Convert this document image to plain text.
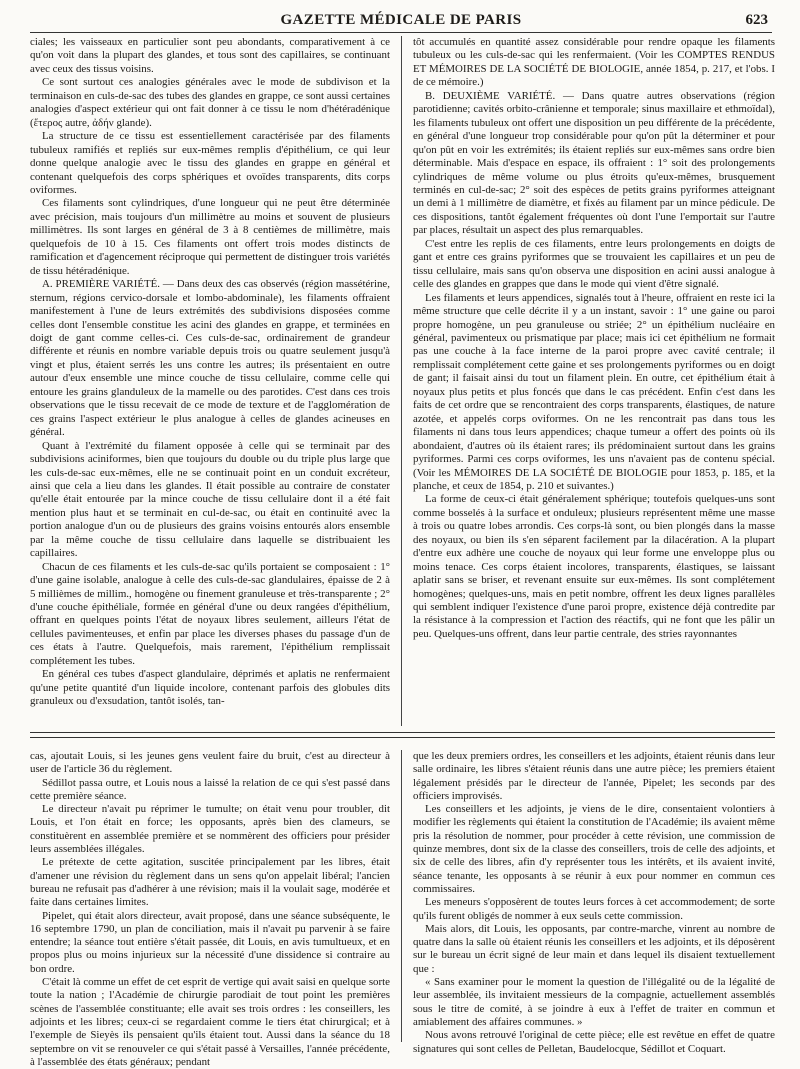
GAZETTE MÉDICALE DE PARIS	623

ciales; les vaisseaux en particulier sont peu abondants, comparativement à ce qu'on voit dans la plupart des glandes, et tous sont des capillaires, se continuant avec ceux des tissus voisins.

Ce sont surtout ces analogies générales avec le mode de subdivison et la terminaison en culs-de-sac des tubes des glandes en grappe, ce sont aussi certaines analogies d'aspect extérieur qui ont fait donner à ce tissu le nom d'hétéradénique (ἕτερος autre, ἀδήν glande).

La structure de ce tissu est essentiellement caractérisée par des filaments tubuleux ramifiés et repliés sur eux-mêmes remplis d'épithélium, ce qui leur donne quelque analogie avec le tissu des glandes en grappe en général et contenant quelquefois des corps sphériques et ovoïdes transparents, dits corps oviformes.

Ces filaments sont cylindriques, d'une longueur qui ne peut être déterminée avec précision, mais toujours d'un millimètre au moins et souvent de plusieurs millimètres. Ils sont larges en général de 3 à 8 centièmes de millimètre, mais quelquefois de 10 à 15. Ces filaments ont offert trois modes distincts de ramification et d'agencement réciproque qui permettent de distinguer trois variétés de tissu hétéradénique.

A. PREMIÈRE VARIÉTÉ. — Dans deux des cas observés (région massétérine, sternum, régions cervico-dorsale et lombo-abdominale), les filaments offraient manifestement à l'une de leurs extrémités des subdivisions disposées comme celles dont l'ensemble constitue les acini des glandes en grappe, et terminées en doigt de gant comme celles-ci. Ces culs-de-sac, ordinairement de grandeur différente et réunis en nombre variable depuis trois ou quatre seulement jusqu'à vingt et plus, étaient serrés les uns contre les autres; ils présentaient en outre autour d'eux ensemble une mince couche de tissu cellulaire, comme celle qui entoure les grains glanduleux de la mamelle ou des parotides. C'est dans ces trois observations que le tissu recevait de ce mode de texture et de l'agglomération de ces grains l'aspect extérieur le plus analogue à celles de glandes acineuses en général.

Quant à l'extrémité du filament opposée à celle qui se terminait par des subdivisions aciniformes, bien que toujours du double ou du triple plus large que les culs-de-sac eux-mêmes, elle ne se continuait point en un conduit excréteur, ainsi que cela a lieu dans les glandes. Il était possible au contraire de constater qu'elle était entourée par la mince couche de tissu cellulaire dont il a été fait mention plus haut et se terminait en cul-de-sac, ou était en continuité avec la portion analogue d'un ou de plusieurs des grains voisins entourés alors ensemble par la même couche de tissu cellulaire dans laquelle se distribuaient les capillaires.

Chacun de ces filaments et les culs-de-sac qu'ils portaient se composaient : 1° d'une gaine isolable, analogue à celle des culs-de-sac glandulaires, épaisse de 2 à 5 millièmes de millim., homogène ou finement granuleuse et très-transparente ; 2° d'une couche épithéliale, formée en général d'une ou deux rangées d'épithélium, offrant en quelques points l'état de noyaux libres seulement, ailleurs l'état de cellules pavimenteuses, et enfin par place les diverses phases du passage d'un de ces états à l'autre. Quelquefois, mais rarement, l'épithélium remplissait complétement les tubes.

En général ces tubes d'aspect glandulaire, déprimés et aplatis ne renfermaient qu'une petite quantité d'un liquide incolore, contenant parfois des globules dits granuleux ou d'exsudation, tantôt isolés, tan-

tôt accumulés en quantité assez considérable pour rendre opaque les filaments tubuleux ou les culs-de-sac qui les renfermaient. (Voir les COMPTES RENDUS ET MÉMOIRES DE LA SOCIÉTÉ DE BIOLOGIE, année 1854, p. 217, et l'obs. I de ce mémoire.)

B. DEUXIÈME VARIÉTÉ. — Dans quatre autres observations (région parotidienne; cavités orbito-crânienne et temporale; sinus maxillaire et ethmoïdal), les filaments tubuleux ont offert une disposition un peu différente de la précédente, en général d'une longueur trop considérable pour qu'on pût la déterminer et pour qu'on pût en voir les extrémités; ils étaient repliés sur eux-mêmes sans ordre bien déterminable. Mais d'espace en espace, ils offraient : 1° soit des prolongements cylindriques de même volume ou plus étroits qu'eux-mêmes, brusquement terminés en cul-de-sac; 2° soit des espèces de petits grains pyriformes atteignant un demi à 1 millimètre de diamètre, et fixés au filament par un mince pédicule. De ces dispositions, tantôt également fréquentes où dont l'une l'emportait sur l'autre par places, résultait un aspect des plus remarquables.

C'est entre les replis de ces filaments, entre leurs prolongements en doigts de gant et entre ces grains pyriformes que se trouvaient les capillaires et un peu de tissu cellulaire, mais sans qu'on observa une disposition en acini aussi analogue à celle des glandes en grappes que dans le mode qui vient d'être signalé.

Les filaments et leurs appendices, signalés tout à l'heure, offraient en reste ici la même structure que celle décrite il y a un instant, savoir : 1° une gaine ou paroi propre homogène, un peu granuleuse ou striée; 2° un épithélium nucléaire en général, pavimenteux ou prismatique par place; mais ici cet épithélium ne formait pas une couche à la face interne de la paroi propre avec cavité centrale; il remplissait complétement cette gaine et ses prolongements pyriformes ou en doigt de gant; il faisait ainsi du tout un filament plein. En outre, cet épithélium était à noyaux plus petits et plus foncés que dans le cas précédent. Enfin c'est dans les faits de cet ordre que se rencontraient des corps transparents, élastiques, de nature azotée, et appelés corps oviformes. On ne les rencontrait pas dans tous les filaments ni dans tous leurs appendices; chaque tumeur a offert des points où ils abondaient, d'autres où ils étaient rares; ils prédominaient surtout dans les grains pyriformes. Parmi ces corps oviformes, les uns n'avaient pas de contenu spécial. (Voir les MÉMOIRES DE LA SOCIÉTÉ DE BIOLOGIE pour 1853, p. 185, et la planche, et ceux de 1854, p. 210 et suivantes.)

La forme de ceux-ci était généralement sphérique; toutefois quelques-uns sont comme bosselés à la surface et onduleux; plusieurs représentent même une masse à trois ou quatre lobes arrondis. Ces corps-là sont, ou bien plongés dans la masse des noyaux, ou bien ils s'en séparent facilement par la dilacération. A la plupart d'entre eux adhère une couche de noyaux qui leur forme une enveloppe plus ou moins tenace. Ces corps étaient incolores, transparents, élastiques, se laissant aplatir sans se briser, et revenant ensuite sur eux-mêmes. Ils sont complétement homogènes; quelques-uns, mais en petit nombre, offrent les deux lignes parallèles qui semblent indiquer l'existence d'une paroi propre, existence déjà contredite par la résistance à la compression et l'action des réactifs, qui ne font que les pâlir un peu. Quelques-uns offrent, dans leur partie centrale, des stries rayonnantes

cas, ajoutait Louis, si les jeunes gens veulent faire du bruit, c'est au directeur à user de l'article 36 du règlement.

Sédillot passa outre, et Louis nous a laissé la relation de ce qui s'est passé dans cette première séance.

Le directeur n'avait pu réprimer le tumulte; on était venu pour troubler, dit Louis, et l'on était en force; les opposants, après bien des clameurs, se constituèrent en assemblée première et se nommèrent des officiers pour présider leurs assemblées illégales.

Le prétexte de cette agitation, suscitée principalement par les libres, était d'amener une révision du règlement dans un sens qu'on appelait libéral; l'ancien bureau ne refusait pas d'adhérer à une révision; mais il la voulait sage, modérée et faite dans certaines limites.

Pipelet, qui était alors directeur, avait proposé, dans une séance subséquente, le 16 septembre 1790, un plan de conciliation, mais il n'avait pu parvenir à se faire entendre; la séance tout entière s'était passée, dit Louis, en avis tumultueux, et en propos plus ou moins injurieux sur la nécessité d'une dissidence si contraire au bon ordre.

C'était là comme un effet de cet esprit de vertige qui avait saisi en quelque sorte toute la nation ; l'Académie de chirurgie parodiait de tout point les premières scènes de l'assemblée constituante; elle avait ses trois ordres : les conseillers, les adjoints et les libres; ceux-ci se regardaient comme le tiers état chirurgical; et à l'exemple de Sieyès ils pensaient qu'ils étaient tout. Aussi dans la séance du 18 septembre on vit se renouveler ce qui s'était passé à Versailles, l'année précédente, à l'assemblée des états généraux; pendant

que les deux premiers ordres, les conseillers et les adjoints, étaient réunis dans leur salle ordinaire, les libres s'étaient réunis dans une autre pièce; les premiers étaient légalement présidés par le directeur de l'année, Pipelet; les seconds par des officiers improvisés.

Les conseillers et les adjoints, je viens de le dire, consentaient volontiers à modifier les règlements qui étaient la constitution de l'Académie; ils avaient même pris la résolution de nommer, pour procéder à cette révision, une commission de quinze membres, dont six de la classe des conseillers, trois de celle des adjoints, et six de celle des libres, afin d'y représenter tous les intérêts, et ils avaient invité, séance tenante, les opposants à se réunir à eux pour nommer en commun ces commissaires.

Les meneurs s'opposèrent de toutes leurs forces à cet accommodement; de sorte qu'ils furent obligés de nommer à eux seuls cette commission.

Mais alors, dit Louis, les opposants, par contre-marche, vinrent au nombre de quatre dans la salle où étaient réunis les conseillers et les adjoints, et ils déposèrent sur le bureau un écrit signé de leur main et dans lequel ils disaient textuellement que :

« Sans examiner pour le moment la question de l'illégalité ou de la légalité de leur assemblée, ils invitaient messieurs de la compagnie, actuellement assemblés sous le titre de comité, à se joindre à eux à l'effet de traiter en commun et amiablement des affaires communes. »

Nous avons retrouvé l'original de cette pièce; elle est revêtue en effet de quatre signatures qui sont celles de Pelletan, Baudelocque, Sédillot et Coquart.
